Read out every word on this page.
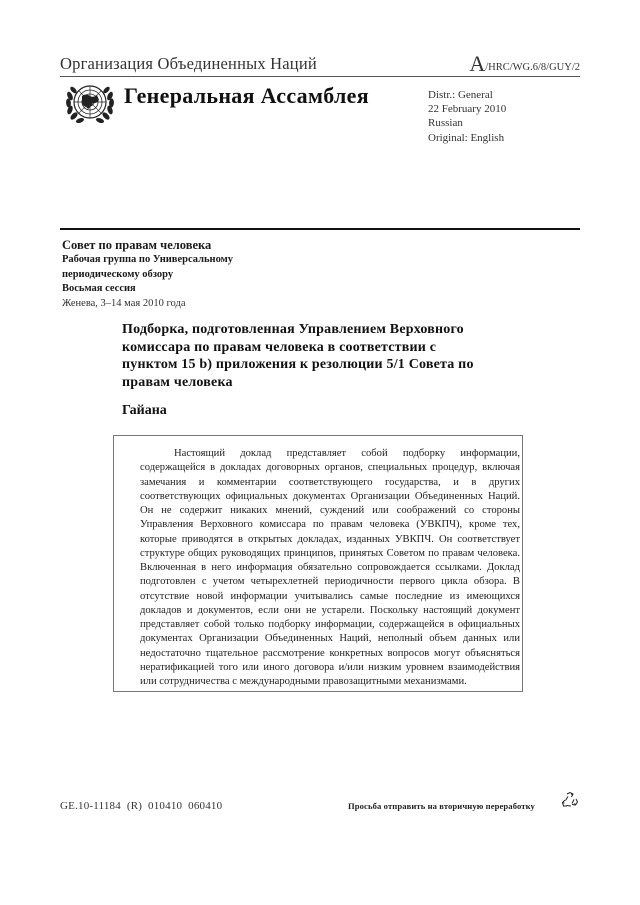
Организация Объединенных Наций	A/HRC/WG.6/8/GUY/2
Генеральная Ассамблея	Distr.: General
22 February 2010
Russian
Original: English
Совет по правам человека
Рабочая группа по Универсальному
периодическому обзору
Восьмая сессия
Женева, 3–14 мая 2010 года
Подборка, подготовленная Управлением Верховного
комиссара по правам человека в соответствии с
пунктом 15 b) приложения к резолюции 5/1 Совета по
правам человека
Гайана

Настоящий доклад представляет собой подборку информации, содержащейся в докладах договорных органов, специальных процедур, включая замечания и комментарии соответствующего государства, и в других соответствующих официальных документах Организации Объединенных Наций. Он не содержит никаких мнений, суждений или соображений со стороны Управления Верховного комиссара по правам человека (УВКПЧ), кроме тех, которые приводятся в открытых докладах, изданных УВКПЧ. Он соответствует структуре общих руководящих принципов, принятых Советом по правам человека. Включенная в него информация обязательно сопровождается ссылками. Доклад подготовлен с учетом четырехлетней периодичности первого цикла обзора. В отсутствие новой информации учитывались самые последние из имеющихся докладов и документов, если они не устарели. Поскольку настоящий документ представляет собой только подборку информации, содержащейся в официальных документах Организации Объединенных Наций, неполный объем данных или недостаточно тщательное рассмотрение конкретных вопросов могут объясняться нератификацией того или иного договора и/или низким уровнем взаимодействия или сотрудничества с международными правозащитными механизмами.

GE.10-11184  (R)  010410  060410	Просьба отправить на вторичную переработку
